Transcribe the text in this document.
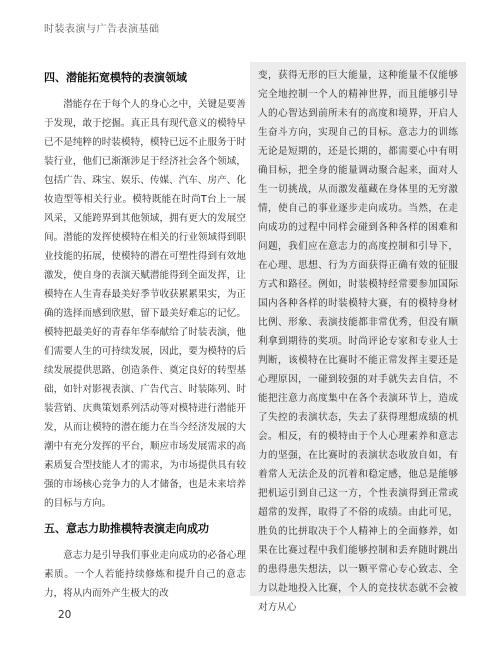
时装表演与广告表演基础

四、潜能拓宽模特的表演领域

潜能存在于每个人的身心之中，关键是要善于发现，敢于挖掘。真正具有现代意义的模特早已不是纯粹的时装模特，模特已远不止服务于时装行业，他们已渐渐涉足于经济社会各个领域，包括广告、珠宝、娱乐、传媒、汽车、房产、化妆造型等相关行业。模特既能在时尚T台上一展风采，又能跨界到其他领域，拥有更大的发展空间。潜能的发挥使模特在相关的行业领域得到职业技能的拓展，使模特的潜在可塑性得到有效地激发，使自身的表演天赋潜能得到全面发挥，让模特在人生青春最美好季节收获累累果实，为正确的选择而感到欣慰，留下最美好难忘的记忆。模特把最美好的青春年华奉献给了时装表演，他们需要人生的可持续发展，因此，要为模特的后续发展提供思路、创造条件、奠定良好的转型基础，如针对影视表演、广告代言、时装陈列、时装营销、庆典策划系列活动等对模特进行潜能开发，从而让模特的潜在能力在当今经济发展的大潮中有充分发挥的平台，顺应市场发展需求的高素质复合型技能人才的需求，为市场提供具有较强的市场核心竞争力的人才储备，也是未来培养的目标与方向。

五、意志力助推模特表演走向成功

意志力是引导我们事业走向成功的必备心理素质。一个人若能持续修炼和提升自己的意志力，将从内而外产生极大的改

变，获得无形的巨大能量，这种能量不仅能够完全地控制一个人的精神世界，而且能够引导人的心智达到前所未有的高度和境界，开启人生奋斗方向，实现自己的目标。意志力的训练无论是短期的，还是长期的，都需要心中有明确目标，把全身的能量调动聚合起来，面对人生一切挑战，从而激发蕴藏在身体里的无穷激情，使自己的事业逐步走向成功。当然，在走向成功的过程中同样会碰到各种各样的困难和问题，我们应在意志力的高度控制和引导下，在心理、思想、行为方面获得正确有效的征服方式和路径。例如，时装模特经常要参加国际国内各种各样的时装模特大赛，有的模特身材比例、形象、表演技能都非常优秀，但没有顺利拿到期待的奖项。时尚评论专家和专业人士判断，该模特在比赛时不能正常发挥主要还是心理原因，一碰到较强的对手就失去自信，不能把注意力高度集中在各个表演环节上，造成了失控的表演状态，失去了获得理想成绩的机会。相反，有的模特由于个人心理素养和意志力的坚强，在比赛时的表演状态收放自如，有着常人无法企及的沉着和稳定感，他总是能够把机运引到自己这一方，个性表演得到正常或超常的发挥，取得了不俗的成绩。由此可见，胜负的比拼取决于个人精神上的全面修养，如果在比赛过程中我们能够控制和丢弃随时跳出的患得患失想法，以一颗平常心专心致志、全力以赴地投入比赛，个人的竞技状态就不会被对方从心

20
